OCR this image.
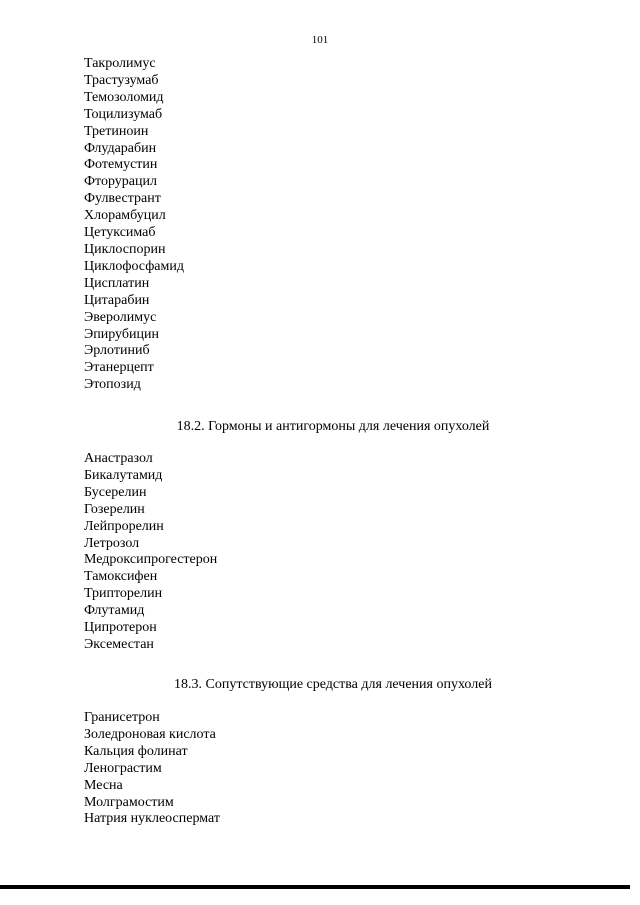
101
Такролимус
Трастузумаб
Темозоломид
Тоцилизумаб
Третиноин
Флударабин
Фотемустин
Фторурацил
Фулвестрант
Хлорамбуцил
Цетуксимаб
Циклоспорин
Циклофосфамид
Цисплатин
Цитарабин
Эверолимус
Эпирубицин
Эрлотиниб
Этанерцепт
Этопозид
18.2. Гормоны и антигормоны для лечения опухолей
Анастразол
Бикалутамид
Бусерелин
Гозерелин
Лейпрорелин
Летрозол
Медроксипрогестерон
Тамоксифен
Трипторелин
Флутамид
Ципротерон
Эксеместан
18.3. Сопутствующие средства для лечения опухолей
Гранисетрон
Золедроновая кислота
Кальция фолинат
Ленограстим
Месна
Молграмостим
Натрия нуклеоспермат
